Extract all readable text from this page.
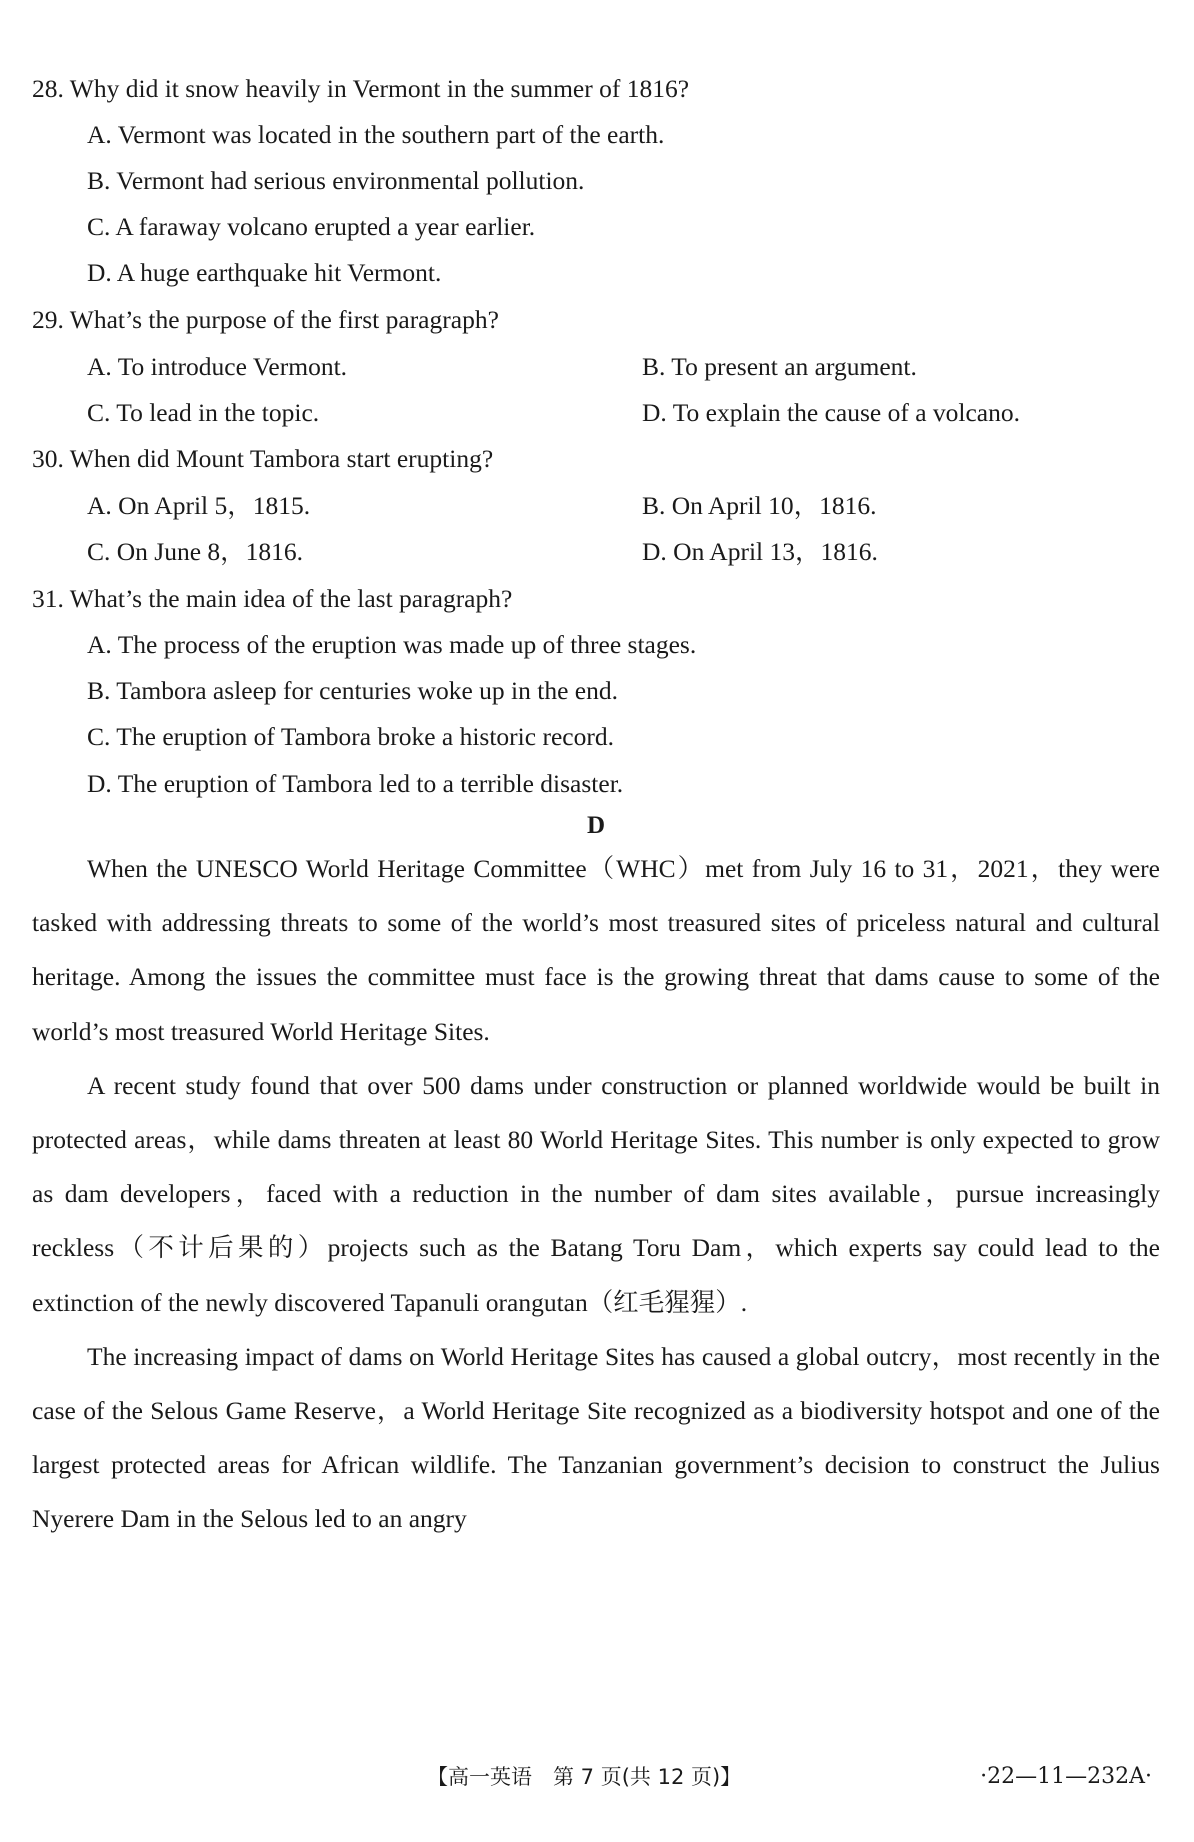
28. Why did it snow heavily in Vermont in the summer of 1816?
A. Vermont was located in the southern part of the earth.
B. Vermont had serious environmental pollution.
C. A faraway volcano erupted a year earlier.
D. A huge earthquake hit Vermont.
29. What’s the purpose of the first paragraph?
A. To introduce Vermont.	B. To present an argument.
C. To lead in the topic.	D. To explain the cause of a volcano.
30. When did Mount Tambora start erupting?
A. On April 5，1815.	B. On April 10，1816.
C. On June 8，1816.	D. On April 13，1816.
31. What’s the main idea of the last paragraph?
A. The process of the eruption was made up of three stages.
B. Tambora asleep for centuries woke up in the end.
C. The eruption of Tambora broke a historic record.
D. The eruption of Tambora led to a terrible disaster.
D

When the UNESCO World Heritage Committee（WHC）met from July 16 to 31，2021，they were tasked with addressing threats to some of the world’s most treasured sites of priceless natural and cultural heritage. Among the issues the committee must face is the growing threat that dams cause to some of the world’s most treasured World Heritage Sites.

A recent study found that over 500 dams under construction or planned worldwide would be built in protected areas，while dams threaten at least 80 World Heritage Sites. This number is only expected to grow as dam developers，faced with a reduction in the number of dam sites available，pursue increasingly reckless（不计后果的）projects such as the Batang Toru Dam，which experts say could lead to the extinction of the newly discovered Tapanuli orangutan（红毛猩猩）.

The increasing impact of dams on World Heritage Sites has caused a global outcry，most recently in the case of the Selous Game Reserve，a World Heritage Site recognized as a biodiversity hotspot and one of the largest protected areas for African wildlife. The Tanzanian government’s decision to construct the Julius Nyerere Dam in the Selous led to an angry

【高一英语　第 7 页(共 12 页)】	·22—11—232A·
